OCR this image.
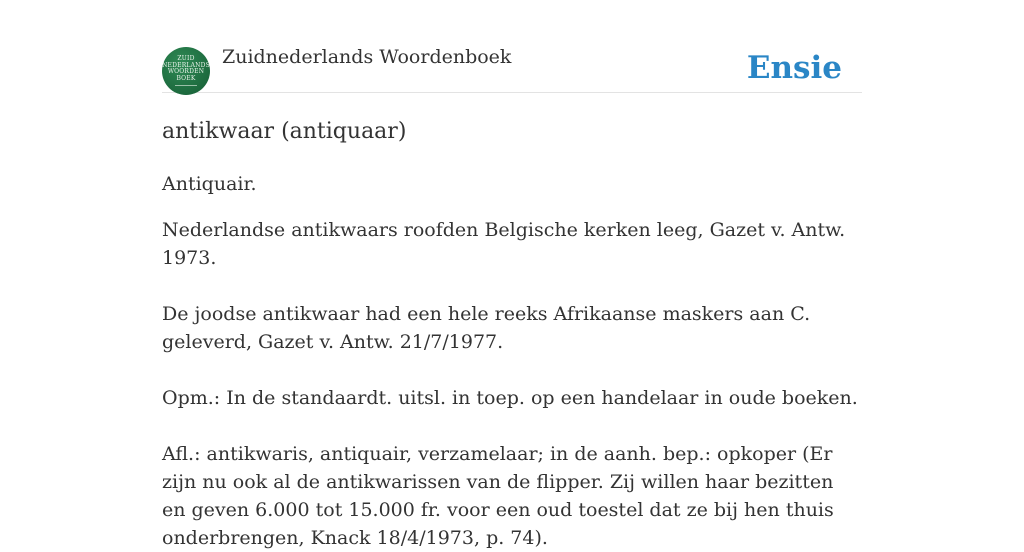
ZUID
NEDERLANDS
WOORDEN
BOEK
Zuidnederlands Woordenboek	Ensie
antikwaar (antiquaar)

Antiquair.

Nederlandse antikwaars roofden Belgische kerken leeg, Gazet v. Antw. 1973.

De joodse antikwaar had een hele reeks Afrikaanse maskers aan C. geleverd, Gazet v. Antw. 21/7/1977.

Opm.: In de standaardt. uitsl. in toep. op een handelaar in oude boeken.

Afl.: antikwaris, antiquair, verzamelaar; in de aanh. bep.: opkoper (Er zijn nu ook al de antikwarissen van de flipper. Zij willen haar bezitten en geven 6.000 tot 15.000 fr. voor een oud toestel dat ze bij hen thuis onderbrengen, Knack 18/4/1973, p. 74).
